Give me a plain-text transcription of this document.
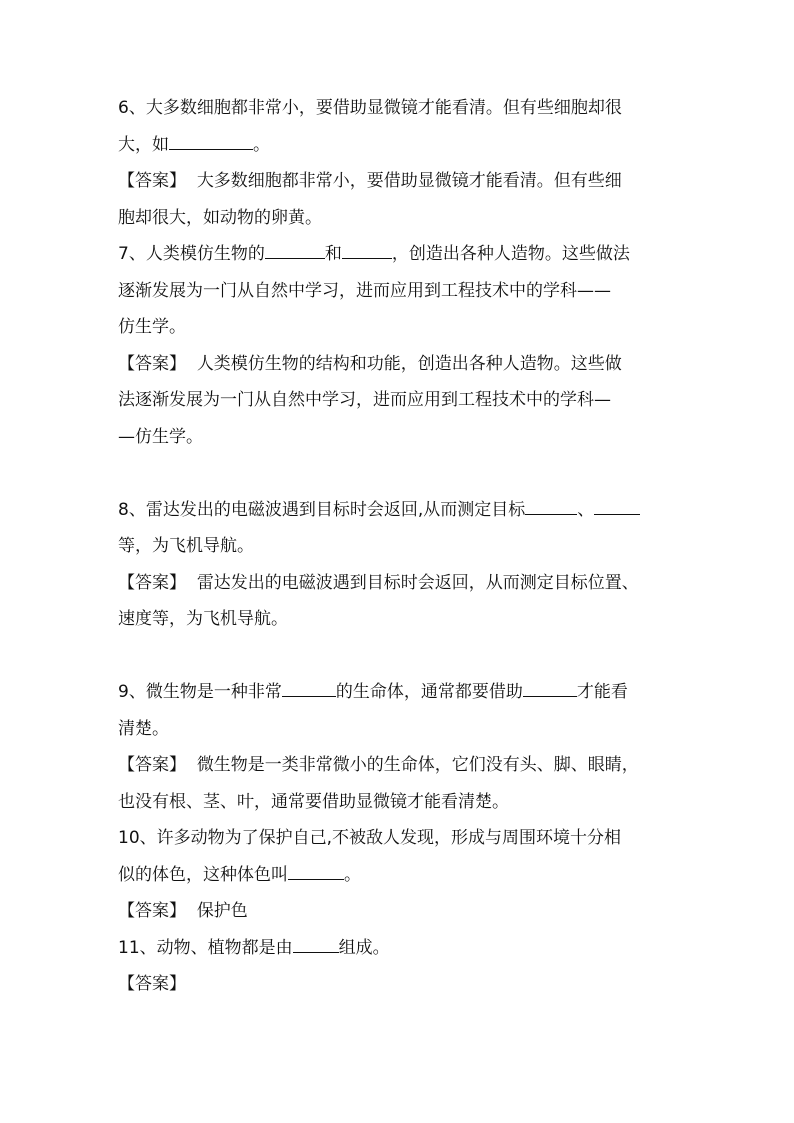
6、大多数细胞都非常小，要借助显微镜才能看清。但有些细胞却很
大，如	。
【答案】 大多数细胞都非常小，要借助显微镜才能看清。但有些细
胞却很大，如动物的卵黄。
7、人类模仿生物的	和	，创造出各种人造物。这些做法
逐渐发展为一门从自然中学习，进而应用到工程技术中的学科——
仿生学。
【答案】 人类模仿生物的结构和功能，创造出各种人造物。这些做
法逐渐发展为一门从自然中学习，进而应用到工程技术中的学科—
—仿生学。
8、雷达发出的电磁波遇到目标时会返回,从而测定目标	、
等，为飞机导航。
【答案】 雷达发出的电磁波遇到目标时会返回，从而测定目标位置、
速度等，为飞机导航。
9、微生物是一种非常	的生命体，通常都要借助	才能看
清楚。
【答案】 微生物是一类非常微小的生命体，它们没有头、脚、眼睛，
也没有根、茎、叶，通常要借助显微镜才能看清楚。
10、许多动物为了保护自己,不被敌人发现，形成与周围环境十分相
似的体色，这种体色叫	。
【答案】 保护色
11、动物、植物都是由	组成。
【答案】
